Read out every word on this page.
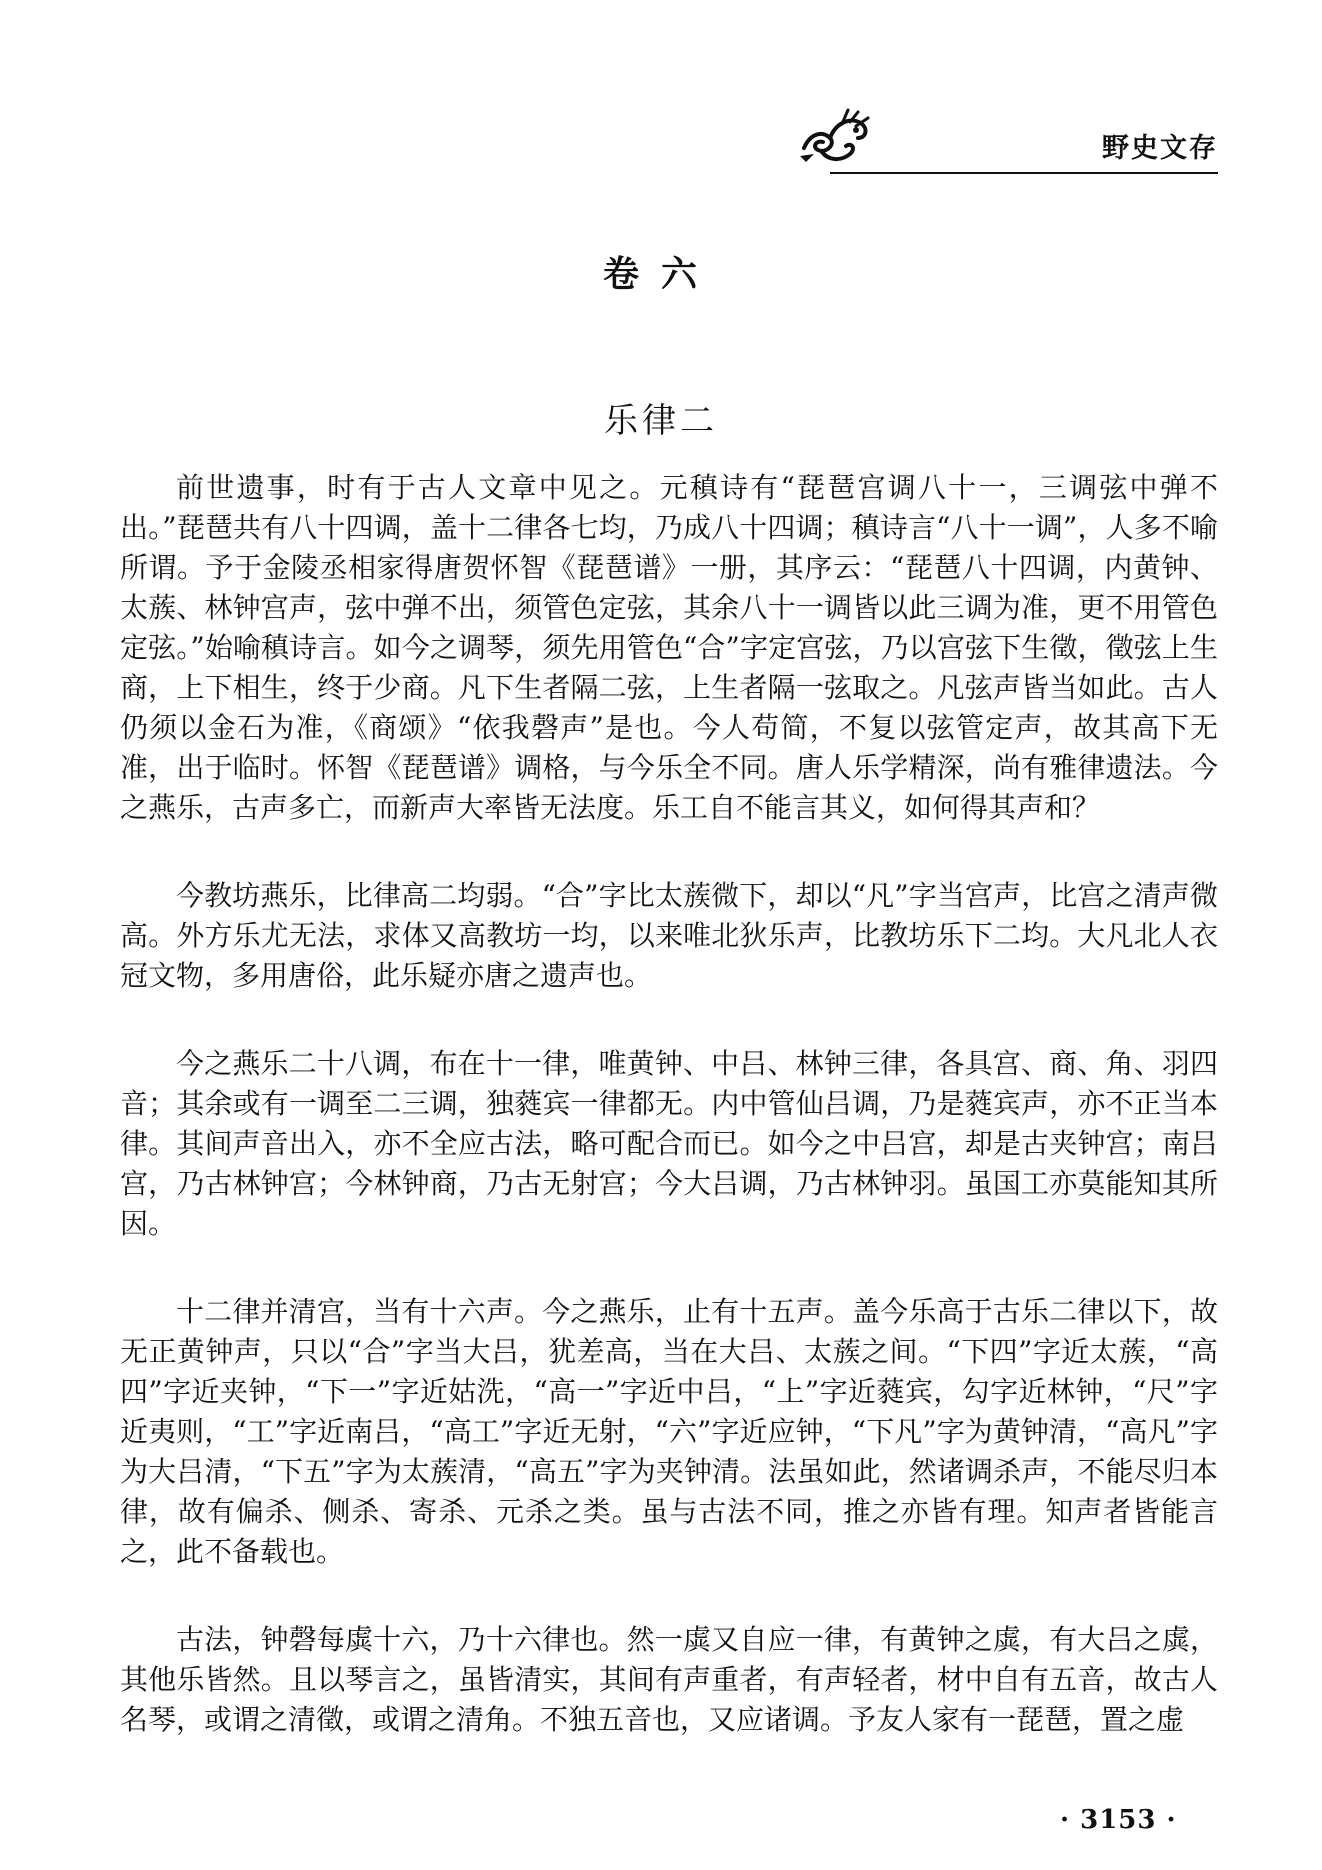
野史文存
卷六
乐律二

前世遗事，时有于古人文章中见之。元稹诗有“琵琶宫调八十一，三调弦中弹不出。”琵琶共有八十四调，盖十二律各七均，乃成八十四调；稹诗言“八十一调”，人多不喻所谓。予于金陵丞相家得唐贺怀智《琵琶谱》一册，其序云：“琵琶八十四调，内黄钟、太蔟、林钟宫声，弦中弹不出，须管色定弦，其余八十一调皆以此三调为准，更不用管色定弦。”始喻稹诗言。如今之调琴，须先用管色“合”字定宫弦，乃以宫弦下生徵，徵弦上生商，上下相生，终于少商。凡下生者隔二弦，上生者隔一弦取之。凡弦声皆当如此。古人仍须以金石为准，《商颂》“依我磬声”是也。今人苟简，不复以弦管定声，故其高下无准，出于临时。怀智《琵琶谱》调格，与今乐全不同。唐人乐学精深，尚有雅律遗法。今之燕乐，古声多亡，而新声大率皆无法度。乐工自不能言其义，如何得其声和？

今教坊燕乐，比律高二均弱。“合”字比太蔟微下，却以“凡”字当宫声，比宫之清声微高。外方乐尤无法，求体又高教坊一均，以来唯北狄乐声，比教坊乐下二均。大凡北人衣冠文物，多用唐俗，此乐疑亦唐之遗声也。

今之燕乐二十八调，布在十一律，唯黄钟、中吕、林钟三律，各具宫、商、角、羽四音；其余或有一调至二三调，独蕤宾一律都无。内中管仙吕调，乃是蕤宾声，亦不正当本律。其间声音出入，亦不全应古法，略可配合而已。如今之中吕宫，却是古夹钟宫；南吕宫，乃古林钟宫；今林钟商，乃古无射宫；今大吕调，乃古林钟羽。虽国工亦莫能知其所因。

十二律并清宫，当有十六声。今之燕乐，止有十五声。盖今乐高于古乐二律以下，故无正黄钟声，只以“合”字当大吕，犹差高，当在大吕、太蔟之间。“下四”字近太蔟，“高四”字近夹钟，“下一”字近姑洗，“高一”字近中吕，“上”字近蕤宾，勾字近林钟，“尺”字近夷则，“工”字近南吕，“高工”字近无射，“六”字近应钟，“下凡”字为黄钟清，“高凡”字为大吕清，“下五”字为太蔟清，“高五”字为夹钟清。法虽如此，然诸调杀声，不能尽归本律，故有偏杀、侧杀、寄杀、元杀之类。虽与古法不同，推之亦皆有理。知声者皆能言之，此不备载也。

古法，钟磬每虡十六，乃十六律也。然一虡又自应一律，有黄钟之虡，有大吕之虡，其他乐皆然。且以琴言之，虽皆清实，其间有声重者，有声轻者，材中自有五音，故古人名琴，或谓之清徵，或谓之清角。不独五音也，又应诸调。予友人家有一琵琶，置之虚

· 3153 ·
